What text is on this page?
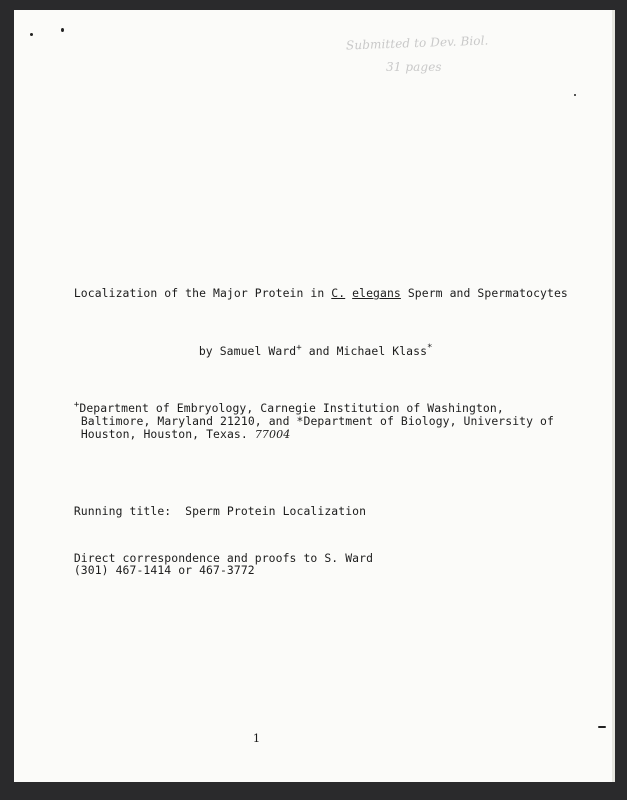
Submitted to Dev. Biol.
31 pages

Localization of the Major Protein in C. elegans Sperm and Spermatocytes

by Samuel Ward+ and Michael Klass*

+Department of Embryology, Carnegie Institution of Washington,

Baltimore, Maryland 21210, and *Department of Biology, University of

Houston, Houston, Texas. 77004

Running title:  Sperm Protein Localization

Direct correspondence and proofs to S. Ward

(301) 467-1414 or 467-3772

1
